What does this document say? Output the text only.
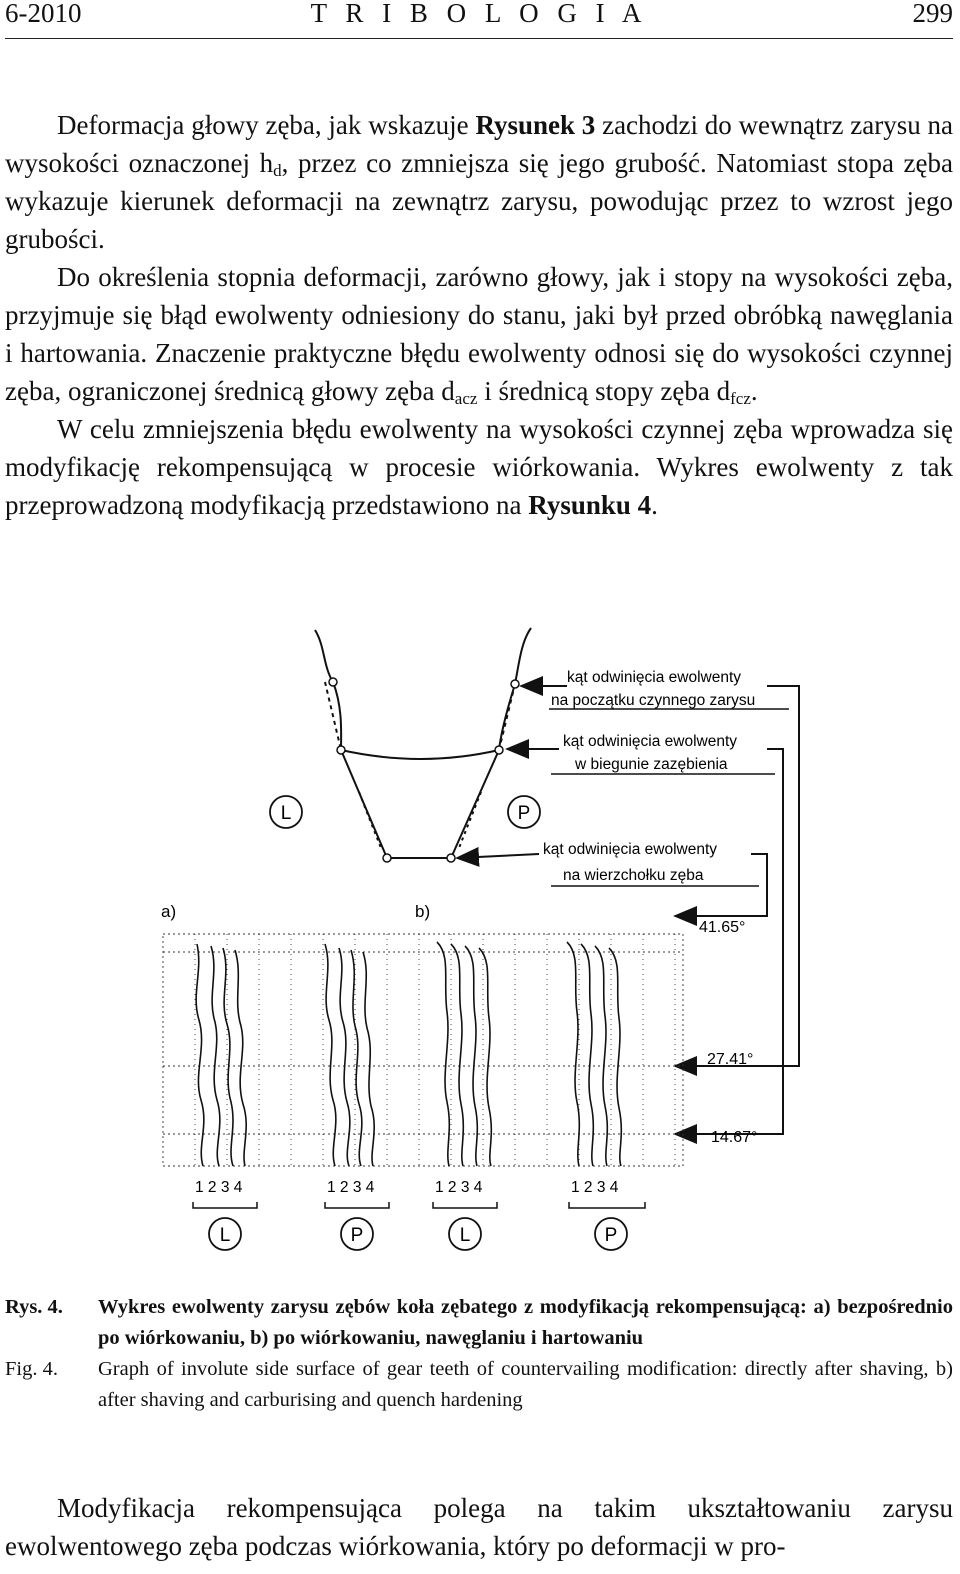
6-2010	T R I B O L O G I A	299

Deformacja głowy zęba, jak wskazuje Rysunek 3 zachodzi do wewnątrz zarysu na wysokości oznaczonej $h_d$, przez co zmniejsza się jego grubość. Natomiast stopa zęba wykazuje kierunek deformacji na zewnątrz zarysu, powodując przez to wzrost jego grubości.

Do określenia stopnia deformacji, zarówno głowy, jak i stopy na wysokości zęba, przyjmuje się błąd ewolwenty odniesiony do stanu, jaki był przed obróbką nawęglania i hartowania. Znaczenie praktyczne błędu ewolwenty odnosi się do wysokości czynnej zęba, ograniczonej średnicą głowy zęba $d_{acz}$ i średnicą stopy zęba $d_{fcz}$.

W celu zmniejszenia błędu ewolwenty na wysokości czynnej zęba wprowadza się modyfikację rekompensującą w procesie wiórkowania. Wykres ewolwenty z tak przeprowadzoną modyfikacją przedstawiono na Rysunku 4.

L	P
kąt odwinięcia ewolwenty
na początku czynnego zarysu
kąt odwinięcia ewolwenty
w biegunie zazębienia
kąt odwinięcia ewolwenty
na wierzchołku zęba
a)	b)
41.65°
27.41°
14.67°
1 2 3 4	1 2 3 4	1 2 3 4	1 2 3 4
L	P	L	P
Rys. 4.	Wykres ewolwenty zarysu zębów koła zębatego z modyfikacją rekompensującą: a) bezpośrednio po wiórkowaniu, b) po wiórkowaniu, nawęglaniu i hartowaniu
Fig. 4.	Graph of involute side surface of gear teeth of countervailing modification: directly after shaving, b) after shaving and carburising and quench hardening

Modyfikacja rekompensująca polega na takim ukształtowaniu zarysu ewolwentowego zęba podczas wiórkowania, który po deformacji w pro-
